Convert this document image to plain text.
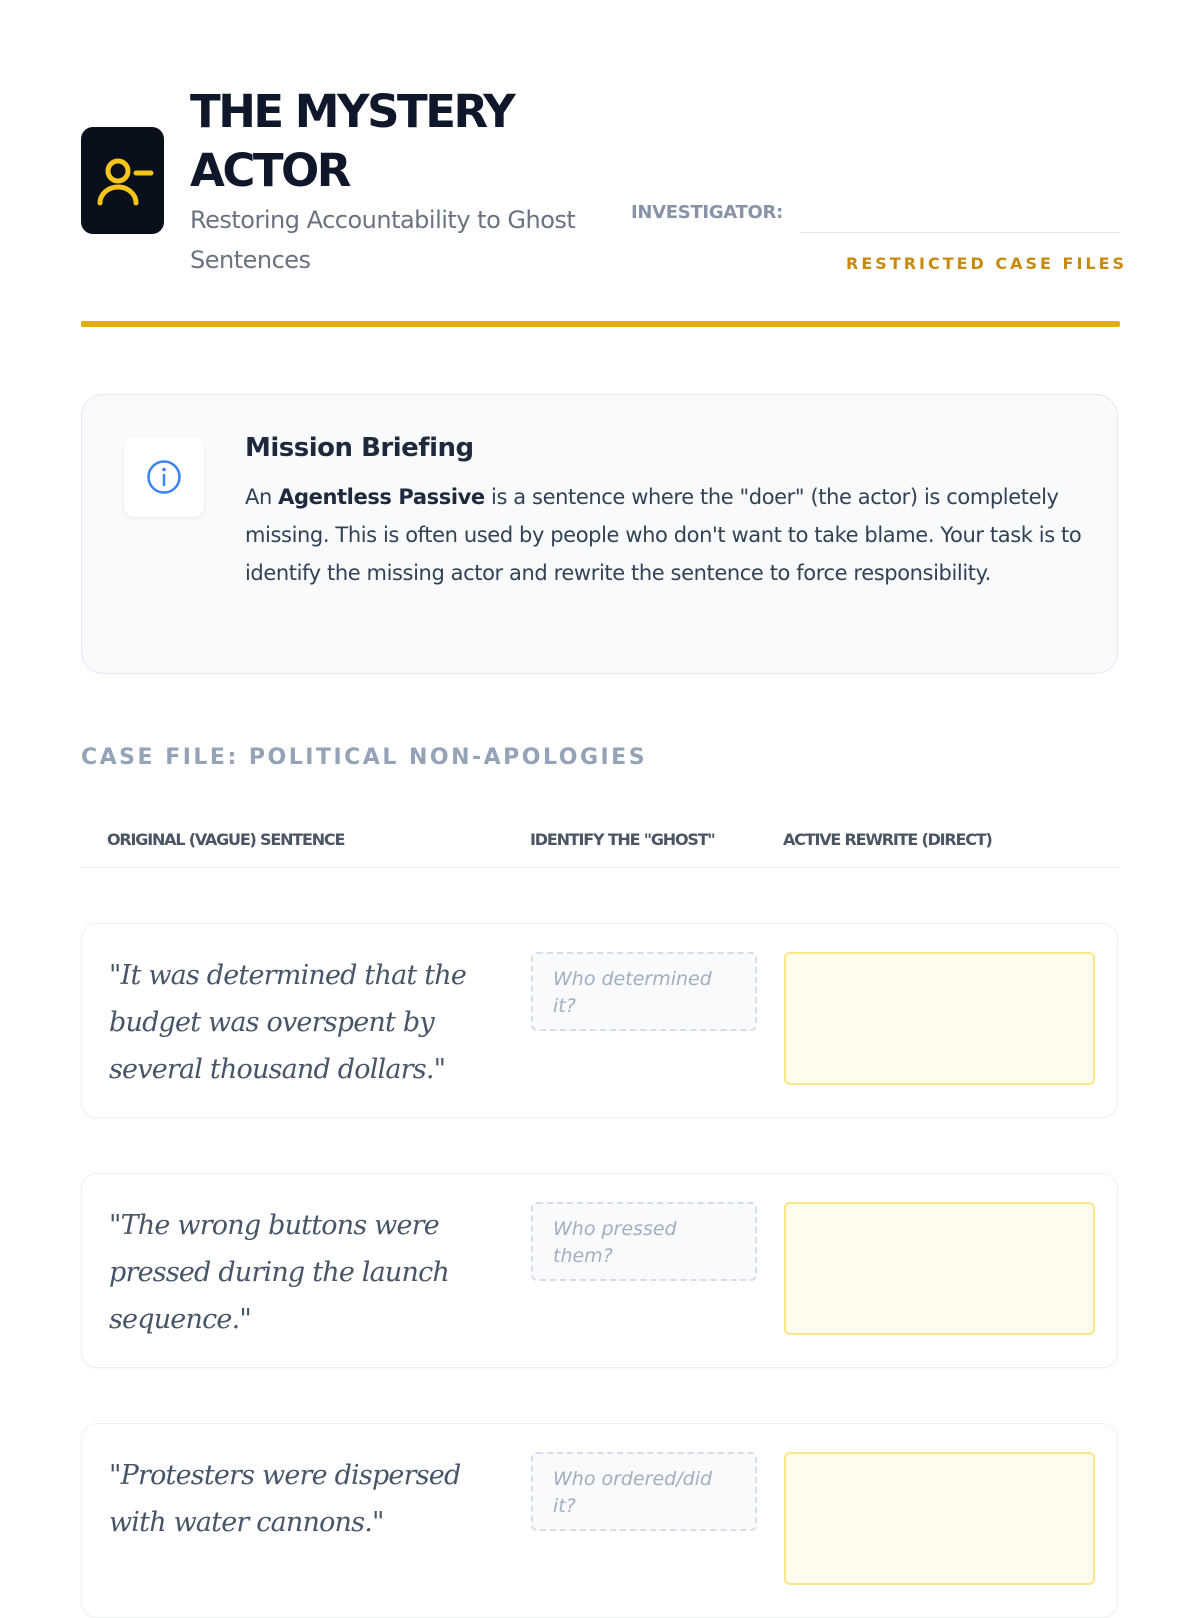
THE MYSTERY
ACTOR

Restoring Accountability to Ghost Sentences

INVESTIGATOR:
RESTRICTED CASE FILES
Mission Briefing

An Agentless Passive is a sentence where the "doer" (the actor) is completely missing. This is often used by people who don't want to take blame. Your task is to identify the missing actor and rewrite the sentence to force responsibility.

CASE FILE: POLITICAL NON-APOLOGIES
ORIGINAL (VAGUE) SENTENCE	IDENTIFY THE "GHOST"	ACTIVE REWRITE (DIRECT)

"It was determined that the budget was overspent by several thousand dollars."

Who determined it?

"The wrong buttons were pressed during the launch sequence."

Who pressed them?

"Protesters were dispersed with water cannons."

Who ordered/did it?
